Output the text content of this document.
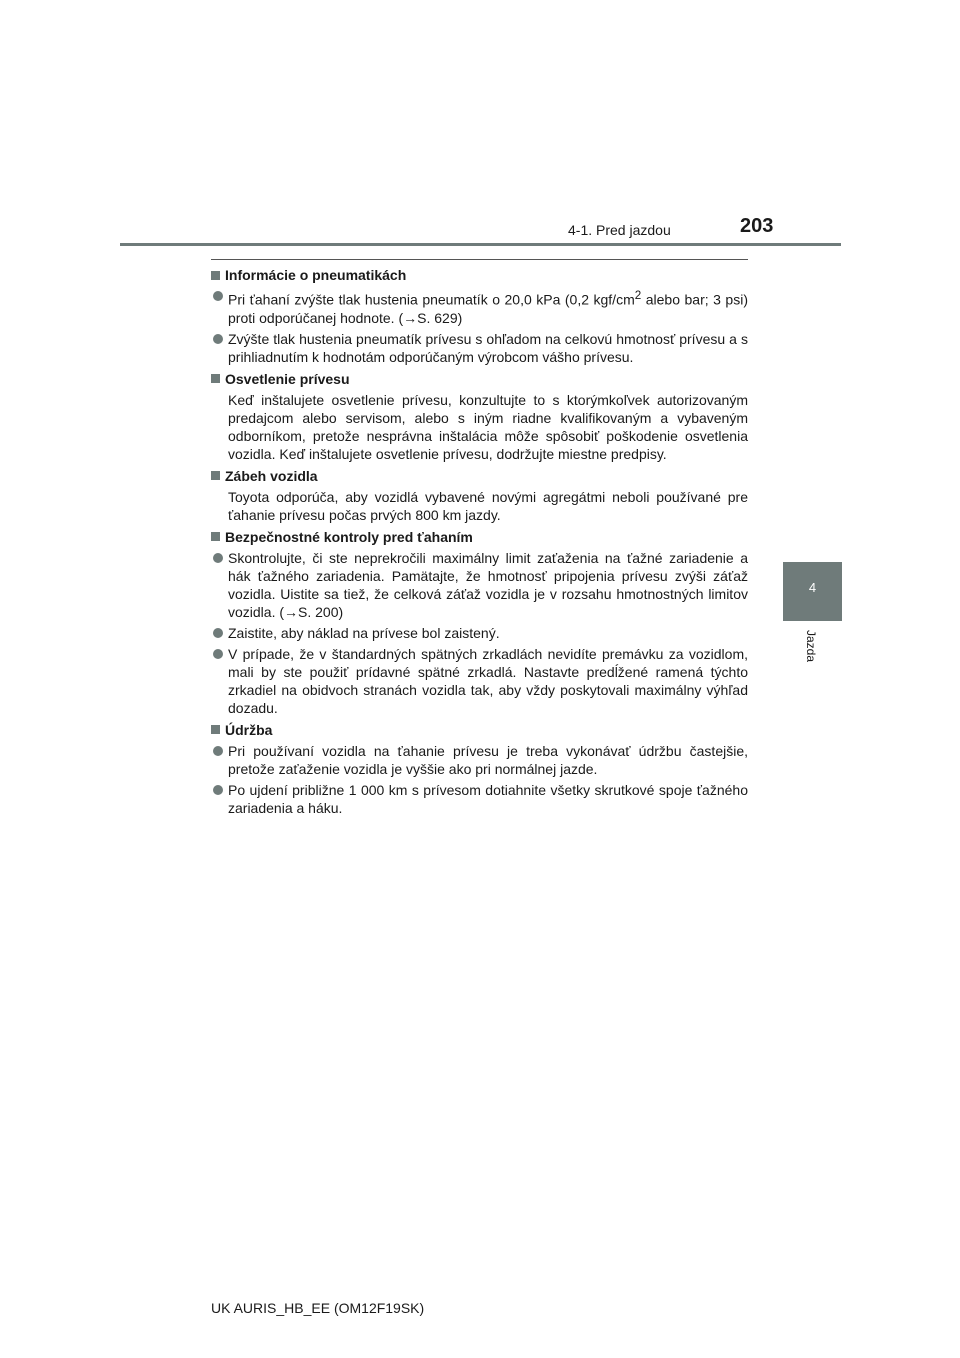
4-1. Pred jazdou	203
4
Jazda
Informácie o pneumatikách
Pri ťahaní zvýšte tlak hustenia pneumatík o 20,0 kPa (0,2 kgf/$cm^2$ alebo bar; 3 psi) proti odporúčanej hodnote. (→S. 629)
Zvýšte tlak hustenia pneumatík prívesu s ohľadom na celkovú hmotnosť prívesu a s prihliadnutím k hodnotám odporúčaným výrobcom vášho prívesu.
Osvetlenie prívesu
Keď inštalujete osvetlenie prívesu, konzultujte to s ktorýmkoľvek autorizovaným predajcom alebo servisom, alebo s iným riadne kvalifikovaným a vybaveným odborníkom, pretože nesprávna inštalácia môže spôsobiť poškodenie osvetlenia vozidla. Keď inštalujete osvetlenie prívesu, dodržujte miestne predpisy.
Zábeh vozidla
Toyota odporúča, aby vozidlá vybavené novými agregátmi neboli používané pre ťahanie prívesu počas prvých 800 km jazdy.
Bezpečnostné kontroly pred ťahaním
Skontrolujte, či ste neprekročili maximálny limit zaťaženia na ťažné zariadenie a hák ťažného zariadenia. Pamätajte, že hmotnosť pripojenia prívesu zvýši záťaž vozidla. Uistite sa tiež, že celková záťaž vozidla je v rozsahu hmotnostných limitov vozidla. (→S. 200)
Zaistite, aby náklad na prívese bol zaistený.
V prípade, že v štandardných spätných zrkadlách nevidíte premávku za vozidlom, mali by ste použiť prídavné spätné zrkadlá. Nastavte predĺžené ramená týchto zrkadiel na obidvoch stranách vozidla tak, aby vždy poskytovali maximálny výhľad dozadu.
Údržba
Pri používaní vozidla na ťahanie prívesu je treba vykonávať údržbu častejšie, pretože zaťaženie vozidla je vyššie ako pri normálnej jazde.
Po ujdení približne 1 000 km s prívesom dotiahnite všetky skrutkové spoje ťažného zariadenia a háku.
UK AURIS_HB_EE (OM12F19SK)
